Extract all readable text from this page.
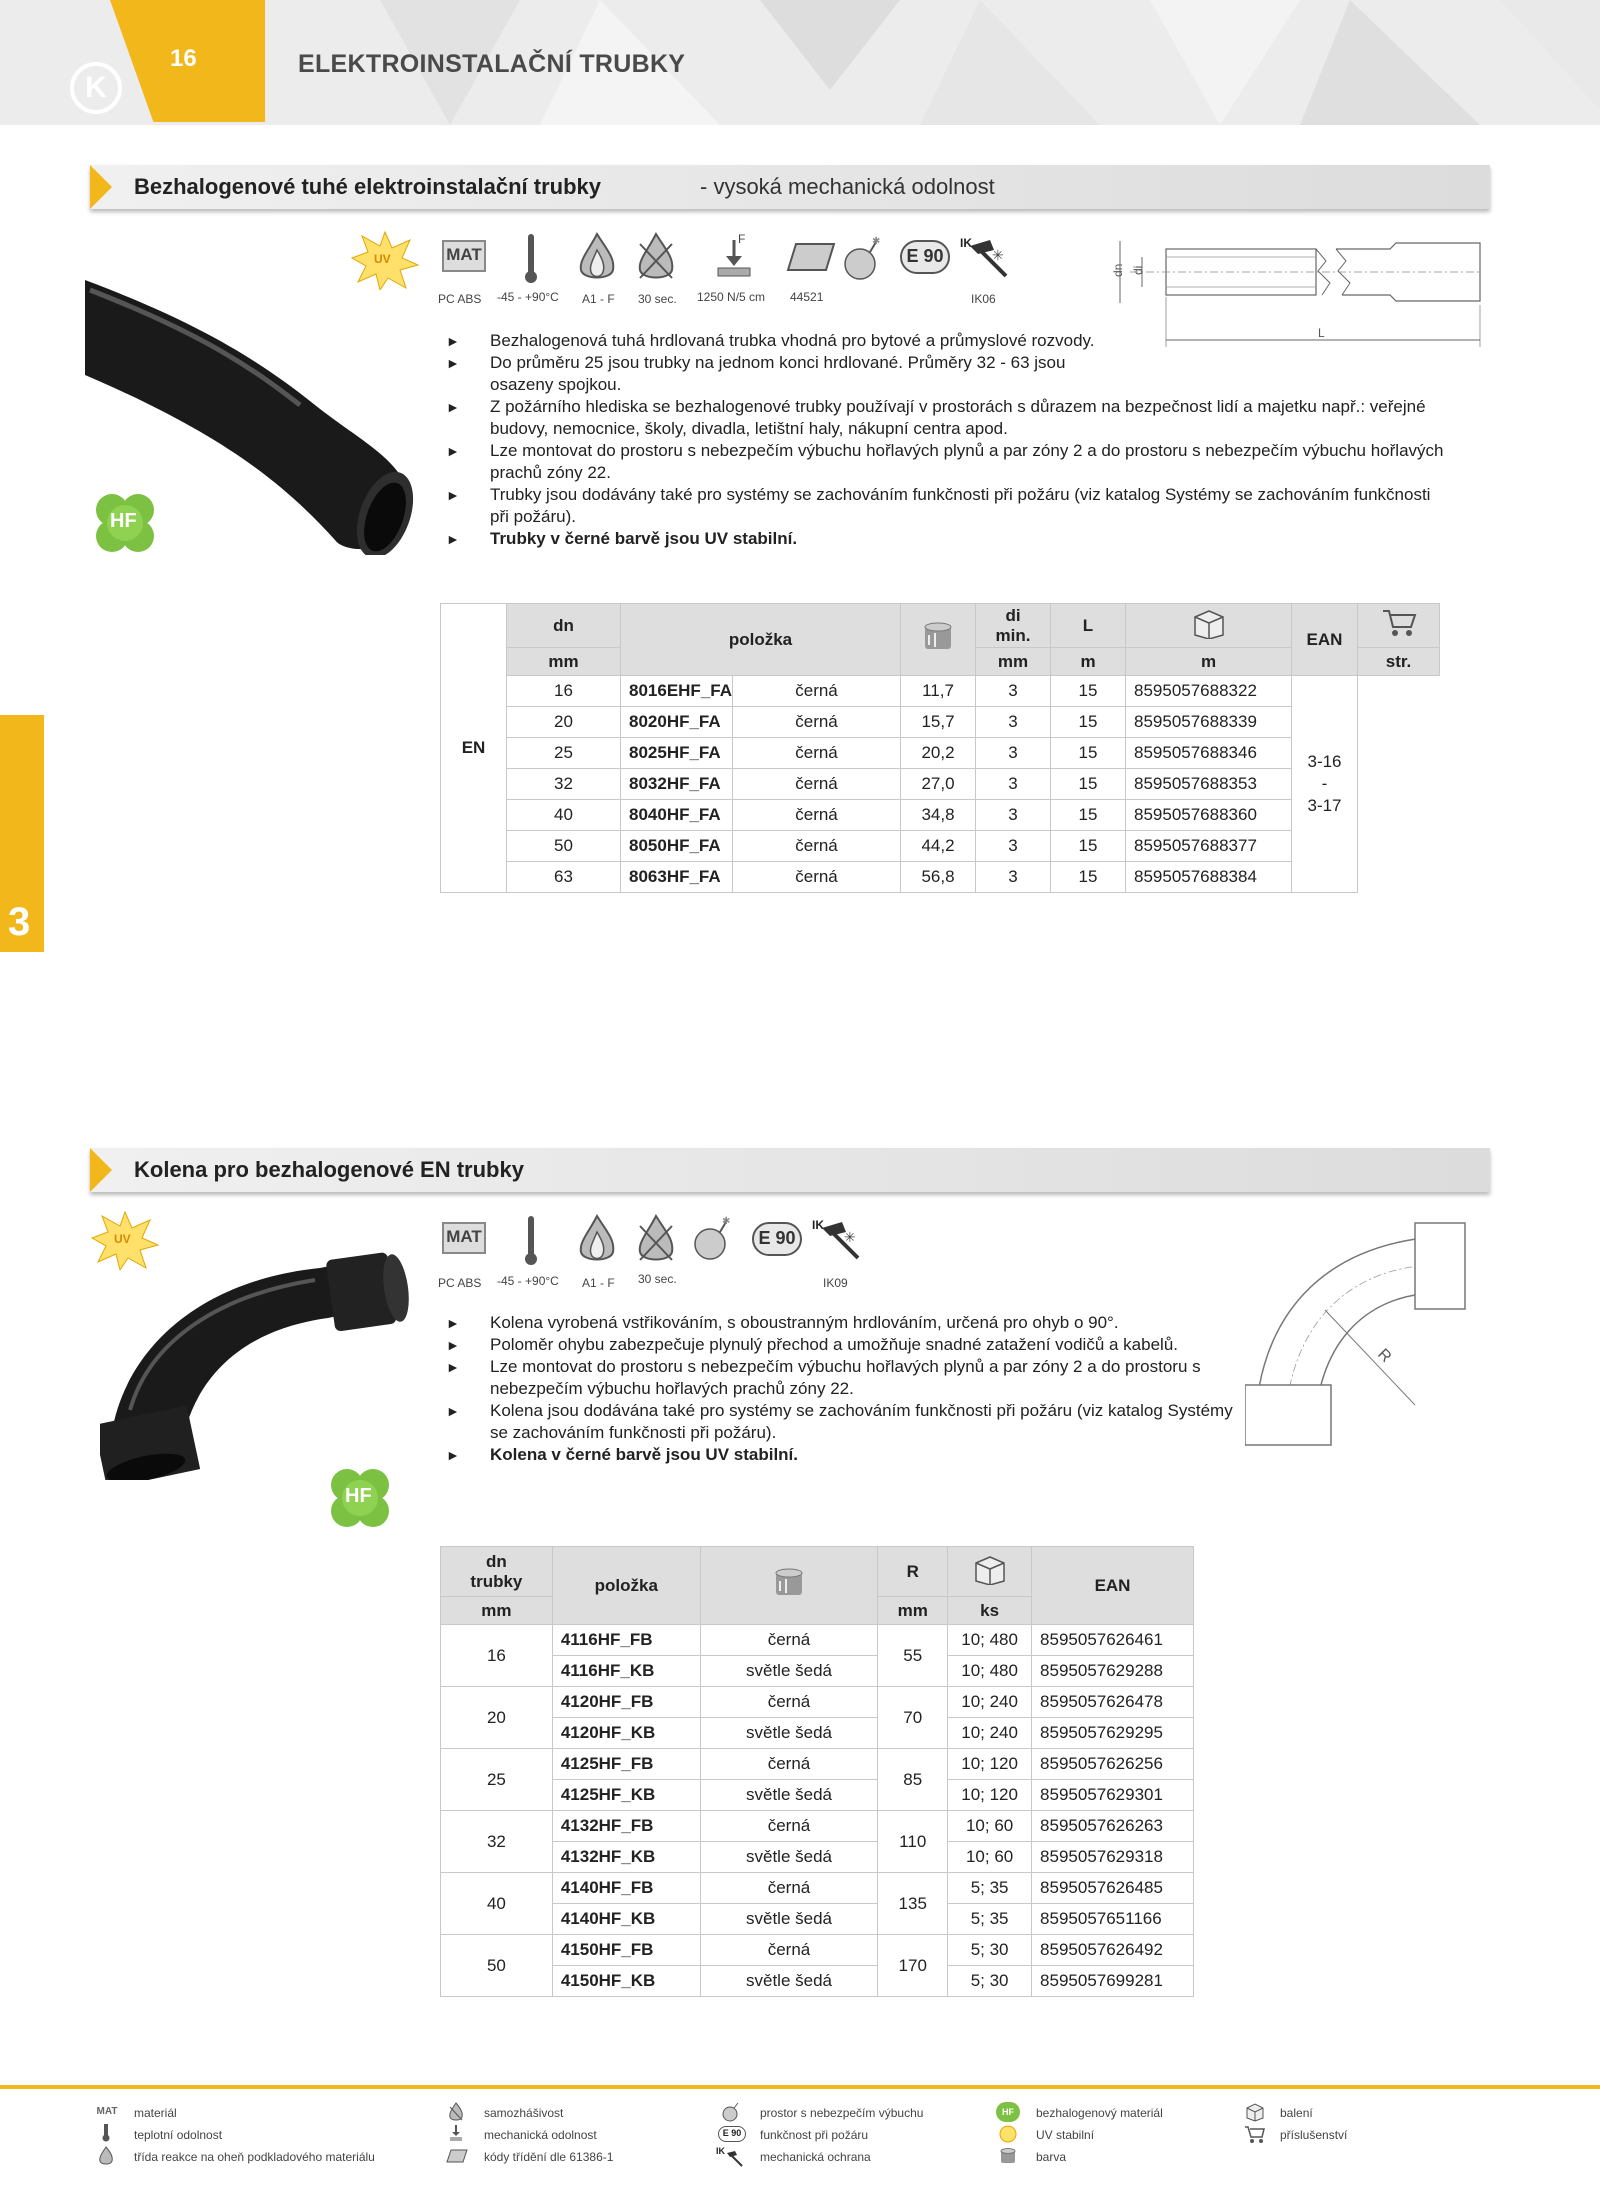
K
16	ELEKTROINSTALAČNÍ TRUBKY
3
Bezhalogenové tuhé elektroinstalační trubky	- vysoká mechanická odolnost
UV
HF
MAT
PC ABS -45 - +90°C A1 - F 30 sec.
F
1250 N/5 cm 44521
✱
E 90
IK
✳
IK06
L
dn di
► Bezhalogenová tuhá hrdlovaná trubka vhodná pro bytové a průmyslové rozvody.
► Do průměru 25 jsou trubky na jednom konci hrdlované. Průměry 32 - 63 jsou osazeny spojkou.
► Z požárního hlediska se bezhalogenové trubky používají v prostorách s důrazem na bezpečnost lidí a majetku např.: veřejné budovy, nemocnice, školy, divadla, letištní haly, nákupní centra apod.
► Lze montovat do prostoru s nebezpečím výbuchu hořlavých plynů a par zóny 2 a do prostoru s nebezpečím výbuchu hořlavých prachů zóny 22.
► Trubky jsou dodávány také pro systémy se zachováním funkčnosti při požáru (viz katalog Systémy se zachováním funkčnosti při požáru).
► Trubky v černé barvě jsou UV stabilní.
EN	dn	položka			di
min.	L		EAN	
	mm				mm	m	m		str.
	16	8016EHF_FA	černá	11,7	3	15	8595057688322	3-16
-
3-17	
	20	8020HF_FA	černá	15,7	3	15	8595057688339		
	25	8025HF_FA	černá	20,2	3	15	8595057688346		
	32	8032HF_FA	černá	27,0	3	15	8595057688353		
	40	8040HF_FA	černá	34,8	3	15	8595057688360		
	50	8050HF_FA	černá	44,2	3	15	8595057688377		
	63	8063HF_FA	černá	56,8	3	15	8595057688384		
Kolena pro bezhalogenové EN trubky
UV
HF
MAT
PC ABS -45 - +90°C A1 - F 30 sec.
✱
E 90
IK
✳
IK09
R
► Kolena vyrobená vstřikováním, s oboustranným hrdlováním, určená pro ohyb o 90°.
► Poloměr ohybu zabezpečuje plynulý přechod a umožňuje snadné zatažení vodičů a kabelů.
► Lze montovat do prostoru s nebezpečím výbuchu hořlavých plynů a par zóny 2 a do prostoru s nebezpečím výbuchu hořlavých prachů zóny 22.
► Kolena jsou dodávána také pro systémy se zachováním funkčnosti při požáru (viz katalog Systémy se zachováním funkčnosti při požáru).
► Kolena v černé barvě jsou UV stabilní.
dn
trubky	položka		R		EAN
mm			mm	ks	
16	4116HF_FB	černá	55	10; 480	8595057626461
	4116HF_KB	světle šedá		10; 480	8595057629288
20	4120HF_FB	černá	70	10; 240	8595057626478
	4120HF_KB	světle šedá		10; 240	8595057629295
25	4125HF_FB	černá	85	10; 120	8595057626256
	4125HF_KB	světle šedá		10; 120	8595057629301
32	4132HF_FB	černá	110	10; 60	8595057626263
	4132HF_KB	světle šedá		10; 60	8595057629318
40	4140HF_FB	černá	135	5; 35	8595057626485
	4140HF_KB	světle šedá		5; 35	8595057651166
50	4150HF_FB	černá	170	5; 30	8595057626492
	4150HF_KB	světle šedá		5; 30	8595057699281
MAT materiál
teplotní odolnost
třída reakce na oheň podkladového materiálu
samozhášivost
mechanická odolnost
kódy třídění dle 61386-1
prostor s nebezpečím výbuchu
E 90	funkčnost při požáru
IK	mechanická ochrana
HF	bezhalogenový materiál
UV stabilní
barva
balení
příslušenství
